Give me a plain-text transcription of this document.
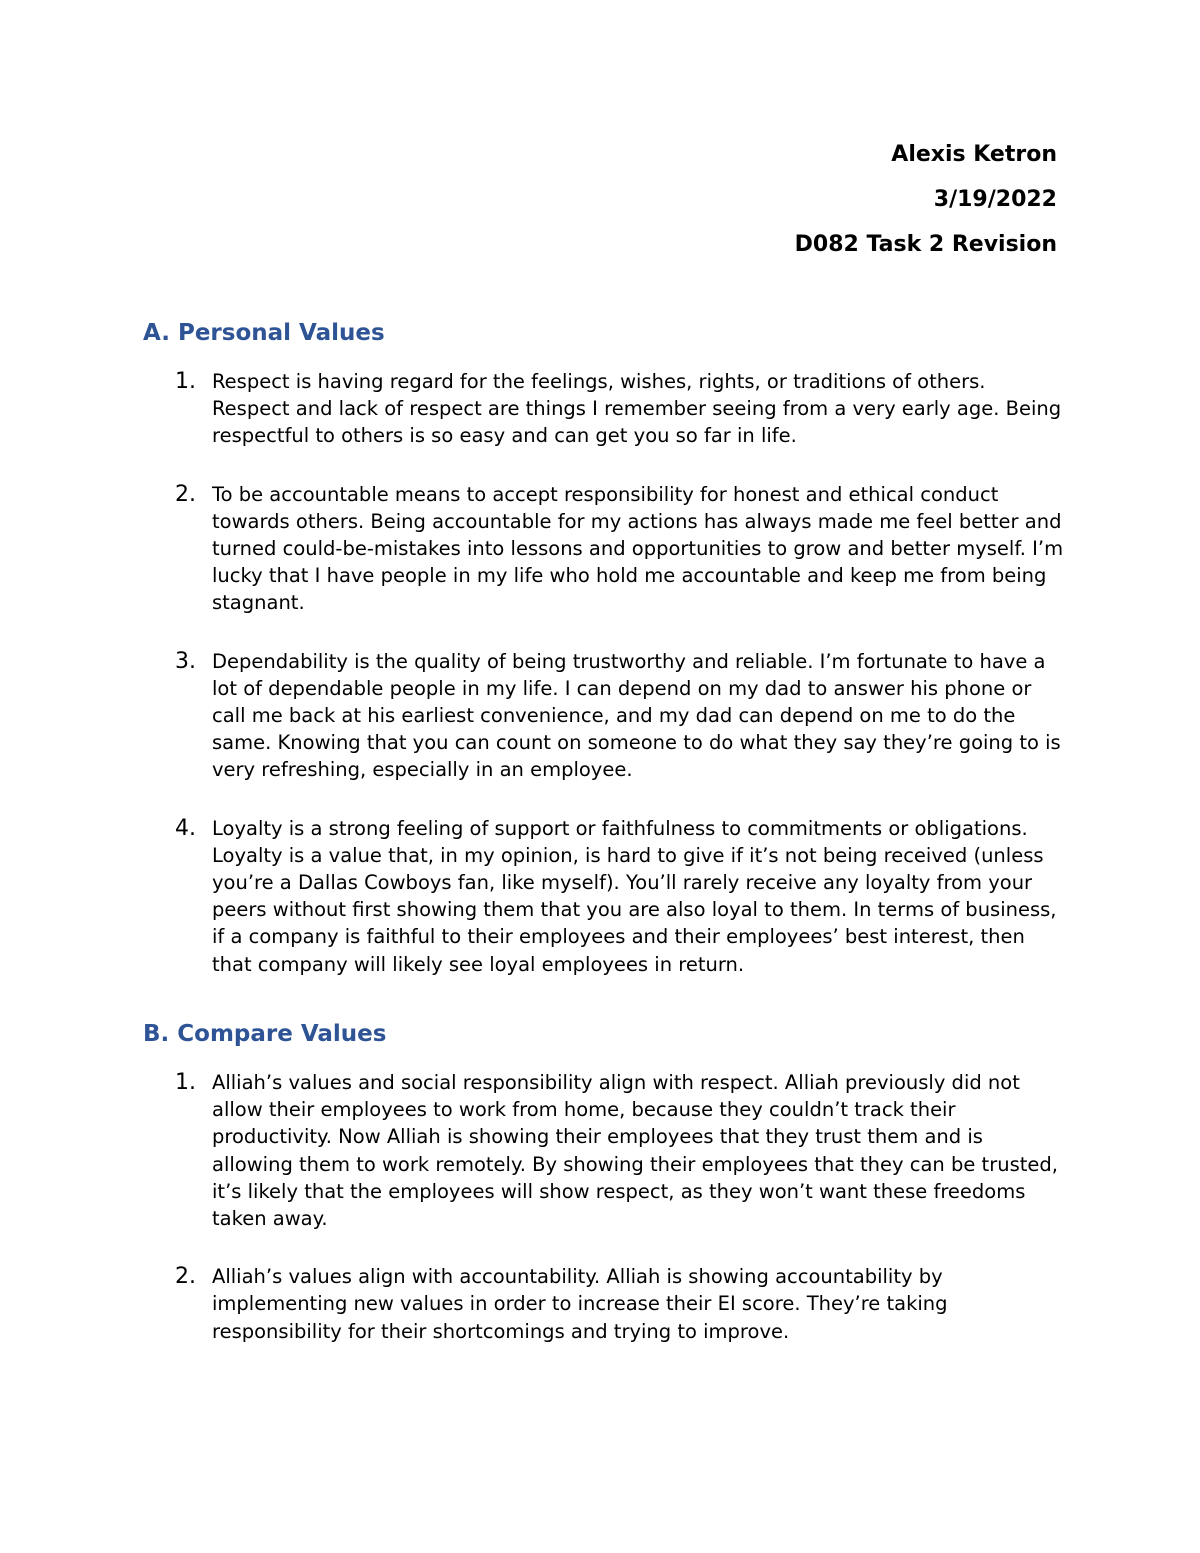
Alexis Ketron
3/19/2022
D082 Task 2 Revision
A. Personal Values
1. Respect is having regard for the feelings, wishes, rights, or traditions of others. Respect and lack of respect are things I remember seeing from a very early age. Being respectful to others is so easy and can get you so far in life.
2. To be accountable means to accept responsibility for honest and ethical conduct towards others. Being accountable for my actions has always made me feel better and turned could-be-mistakes into lessons and opportunities to grow and better myself. I’m lucky that I have people in my life who hold me accountable and keep me from being stagnant.
3. Dependability is the quality of being trustworthy and reliable. I’m fortunate to have a lot of dependable people in my life. I can depend on my dad to answer his phone or call me back at his earliest convenience, and my dad can depend on me to do the same. Knowing that you can count on someone to do what they say they’re going to is very refreshing, especially in an employee.
4. Loyalty is a strong feeling of support or faithfulness to commitments or obligations. Loyalty is a value that, in my opinion, is hard to give if it’s not being received (unless you’re a Dallas Cowboys fan, like myself). You’ll rarely receive any loyalty from your peers without first showing them that you are also loyal to them. In terms of business, if a company is faithful to their employees and their employees’ best interest, then that company will likely see loyal employees in return.
B. Compare Values
1. Alliah’s values and social responsibility align with respect. Alliah previously did not allow their employees to work from home, because they couldn’t track their productivity. Now Alliah is showing their employees that they trust them and is allowing them to work remotely. By showing their employees that they can be trusted, it’s likely that the employees will show respect, as they won’t want these freedoms taken away.
2. Alliah’s values align with accountability. Alliah is showing accountability by implementing new values in order to increase their EI score. They’re taking responsibility for their shortcomings and trying to improve.
